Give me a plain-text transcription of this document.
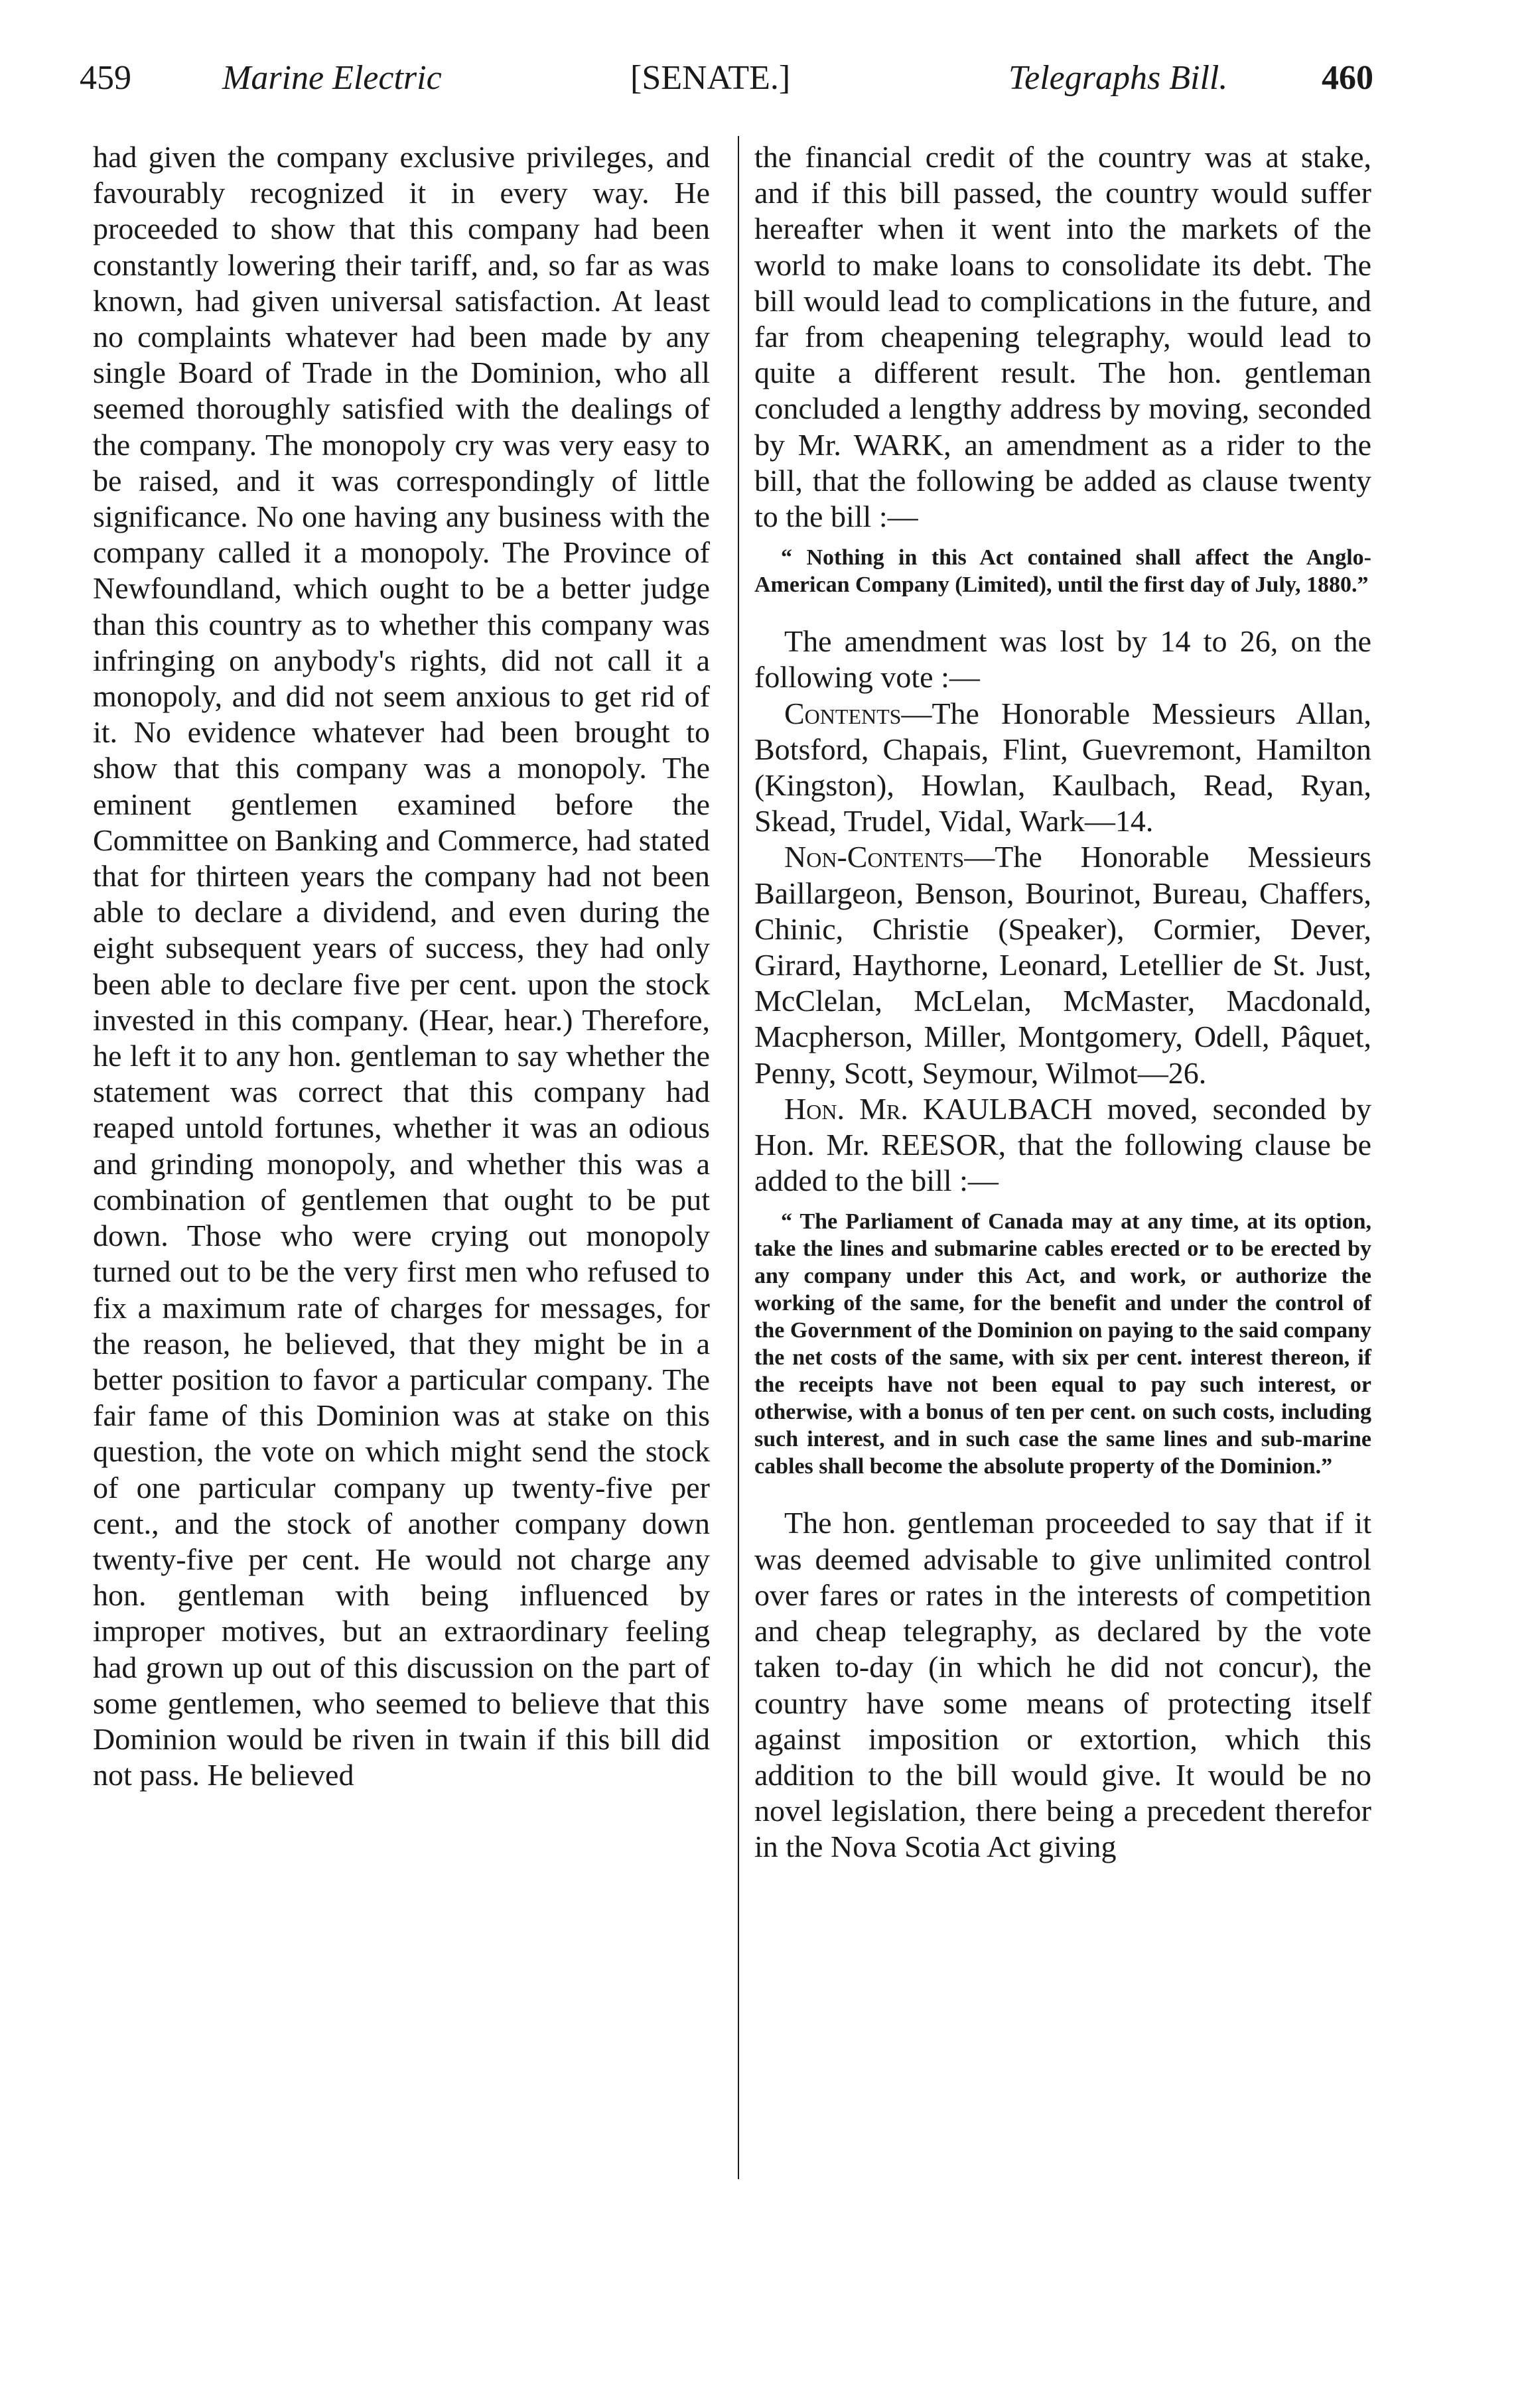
459	Marine Electric	[SENATE.]	Telegraphs Bill.	460

had given the company exclusive privileges, and favourably recognized it in every way. He proceeded to show that this company had been constantly lowering their tariff, and, so far as was known, had given universal satisfaction. At least no complaints whatever had been made by any single Board of Trade in the Dominion, who all seemed thoroughly satisfied with the dealings of the company. The monopoly cry was very easy to be raised, and it was correspondingly of little significance. No one having any business with the company called it a monopoly. The Province of Newfoundland, which ought to be a better judge than this country as to whether this company was infringing on anybody's rights, did not call it a monopoly, and did not seem anxious to get rid of it. No evidence whatever had been brought to show that this company was a monopoly. The eminent gentlemen examined before the Committee on Banking and Commerce, had stated that for thirteen years the company had not been able to declare a dividend, and even during the eight subsequent years of success, they had only been able to declare five per cent. upon the stock invested in this company. (Hear, hear.) Therefore, he left it to any hon. gentleman to say whether the statement was correct that this company had reaped untold fortunes, whether it was an odious and grinding monopoly, and whether this was a combination of gentlemen that ought to be put down. Those who were crying out monopoly turned out to be the very first men who refused to fix a maximum rate of charges for messages, for the reason, he believed, that they might be in a better position to favor a particular company. The fair fame of this Dominion was at stake on this question, the vote on which might send the stock of one particular company up twenty-five per cent., and the stock of another company down twenty-five per cent. He would not charge any hon. gentleman with being influenced by improper motives, but an extraordinary feeling had grown up out of this discussion on the part of some gentlemen, who seemed to believe that this Dominion would be riven in twain if this bill did not pass. He believed

the financial credit of the country was at stake, and if this bill passed, the country would suffer hereafter when it went into the markets of the world to make loans to consolidate its debt. The bill would lead to complications in the future, and far from cheapening telegraphy, would lead to quite a different result. The hon. gentleman concluded a lengthy address by moving, seconded by Mr. WARK, an amendment as a rider to the bill, that the following be added as clause twenty to the bill :—

“ Nothing in this Act contained shall affect the Anglo-American Company (Limited), until the first day of July, 1880.”

The amendment was lost by 14 to 26, on the following vote :—

Contents—The Honorable Messieurs Allan, Botsford, Chapais, Flint, Guevremont, Hamilton (Kingston), Howlan, Kaulbach, Read, Ryan, Skead, Trudel, Vidal, Wark—14.

Non-Contents—The Honorable Messieurs Baillargeon, Benson, Bourinot, Bureau, Chaffers, Chinic, Christie (Speaker), Cormier, Dever, Girard, Haythorne, Leonard, Letellier de St. Just, McClelan, McLelan, McMaster, Macdonald, Macpherson, Miller, Montgomery, Odell, Pâquet, Penny, Scott, Seymour, Wilmot—26.

Hon. Mr. KAULBACH moved, seconded by Hon. Mr. REESOR, that the following clause be added to the bill :—

“ The Parliament of Canada may at any time, at its option, take the lines and submarine cables erected or to be erected by any company under this Act, and work, or authorize the working of the same, for the benefit and under the control of the Government of the Dominion on paying to the said company the net costs of the same, with six per cent. interest thereon, if the receipts have not been equal to pay such interest, or otherwise, with a bonus of ten per cent. on such costs, including such interest, and in such case the same lines and sub-marine cables shall become the absolute property of the Dominion.”

The hon. gentleman proceeded to say that if it was deemed advisable to give unlimited control over fares or rates in the interests of competition and cheap telegraphy, as declared by the vote taken to-day (in which he did not concur), the country have some means of protecting itself against imposition or extortion, which this addition to the bill would give. It would be no novel legislation, there being a precedent therefor in the Nova Scotia Act giving
